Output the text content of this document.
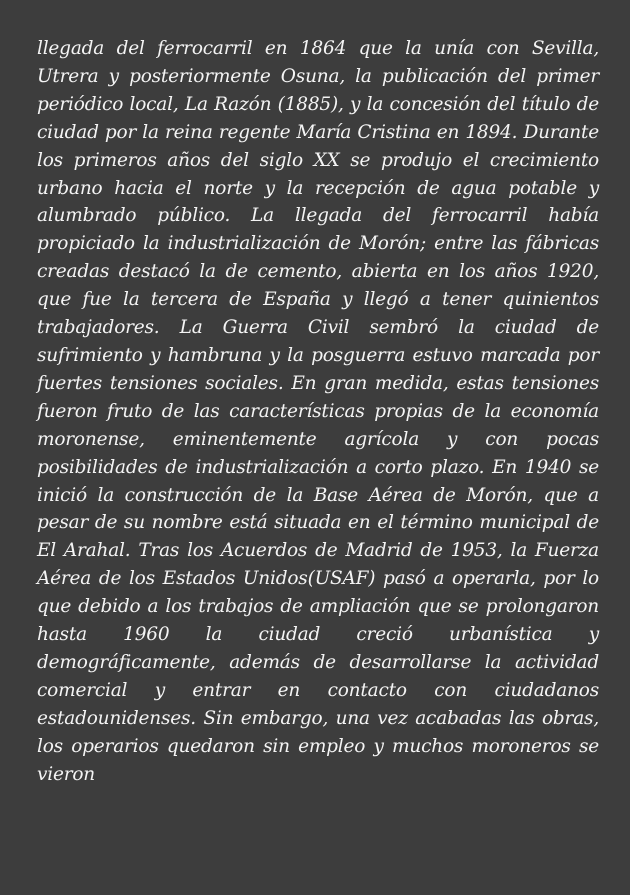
llegada del ferrocarril en 1864 que la unía con Sevilla, Utrera y posteriormente Osuna, la publicación del primer periódico local, La Razón (1885), y la concesión del título de ciudad por la reina regente María Cristina en 1894. Durante los primeros años del siglo XX se produjo el crecimiento urbano hacia el norte y la recepción de agua potable y alumbrado público. La llegada del ferrocarril había propiciado la industrialización de Morón; entre las fábricas creadas destacó la de cemento, abierta en los años 1920, que fue la tercera de España y llegó a tener quinientos trabajadores. La Guerra Civil sembró la ciudad de sufrimiento y hambruna y la posguerra estuvo marcada por fuertes tensiones sociales. En gran medida, estas tensiones fueron fruto de las características propias de la economía moronense, eminentemente agrícola y con pocas posibilidades de industrialización a corto plazo. En 1940 se inició la construcción de la Base Aérea de Morón, que a pesar de su nombre está situada en el término municipal de El Arahal. Tras los Acuerdos de Madrid de 1953, la Fuerza Aérea de los Estados Unidos(USAF) pasó a operarla, por lo que debido a los trabajos de ampliación que se prolongaron hasta 1960 la ciudad creció urbanística y demográficamente, además de desarrollarse la actividad comercial y entrar en contacto con ciudadanos estadounidenses. Sin embargo, una vez acabadas las obras, los operarios quedaron sin empleo y muchos moroneros se vieron
